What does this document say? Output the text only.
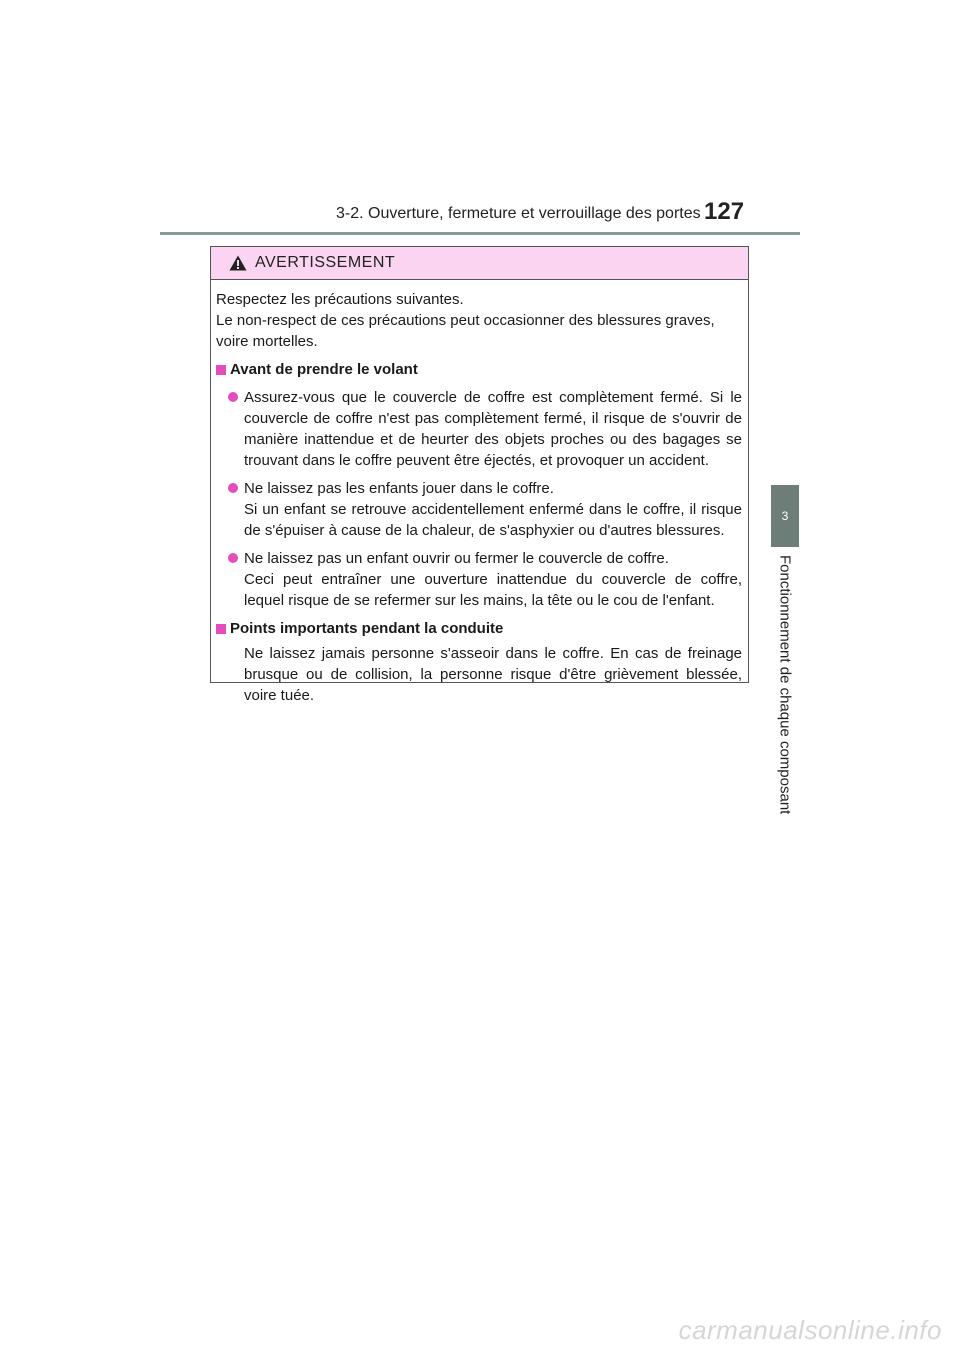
3-2. Ouverture, fermeture et verrouillage des portes 127
3
Fonctionnement de chaque composant
AVERTISSEMENT

Respectez les précautions suivantes.

Le non-respect de ces précautions peut occasionner des blessures graves, voire mortelles.

Avant de prendre le volant

Assurez-vous que le couvercle de coffre est complètement fermé. Si le couvercle de coffre n'est pas complètement fermé, il risque de s'ouvrir de manière inattendue et de heurter des objets proches ou des bagages se trouvant dans le coffre peuvent être éjectés, et provoquer un accident.

Ne laissez pas les enfants jouer dans le coffre.

Si un enfant se retrouve accidentellement enfermé dans le coffre, il risque de s'épuiser à cause de la chaleur, de s'asphyxier ou d'autres blessures.

Ne laissez pas un enfant ouvrir ou fermer le couvercle de coffre.

Ceci peut entraîner une ouverture inattendue du couvercle de coffre, lequel risque de se refermer sur les mains, la tête ou le cou de l'enfant.

Points importants pendant la conduite
Ne laissez jamais personne s'asseoir dans le coffre. En cas de freinage brusque ou de collision, la personne risque d'être grièvement blessée, voire tuée.
carmanualsonline.info
